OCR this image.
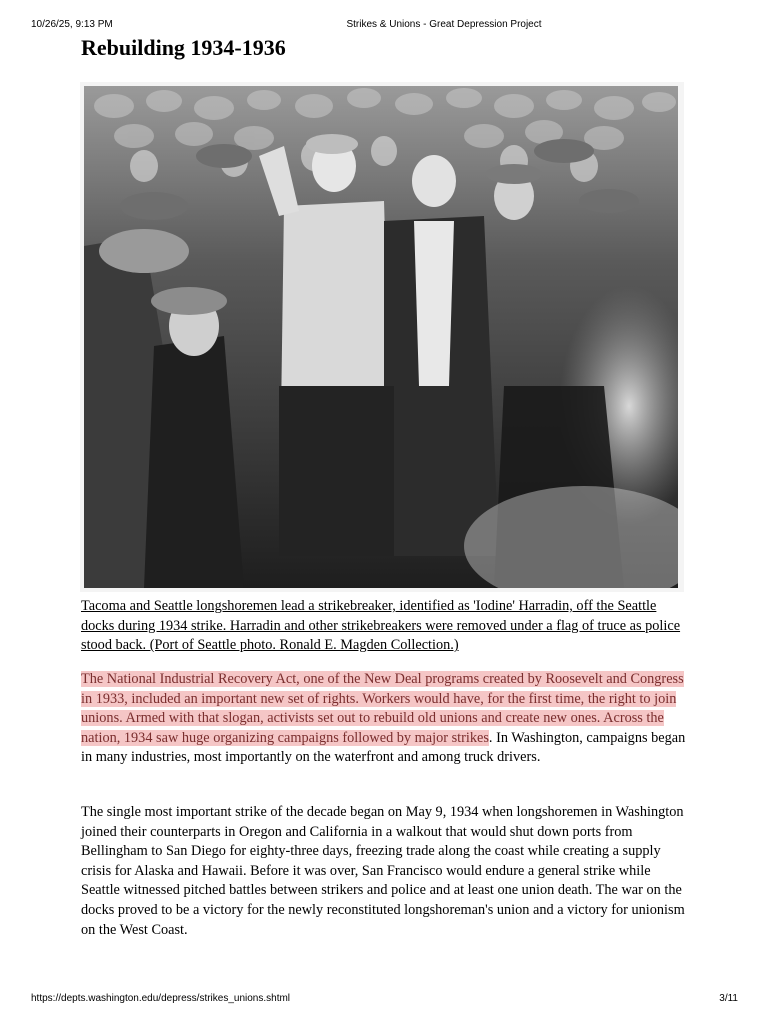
10/26/25, 9:13 PM	Strikes & Unions - Great Depression Project
Rebuilding 1934-1936
Tacoma and Seattle longshoremen lead a strikebreaker, identified as 'Iodine' Harradin, off the Seattle docks during 1934 strike. Harradin and other strikebreakers were removed under a flag of truce as police stood back. (Port of Seattle photo. Ronald E. Magden Collection.)

The National Industrial Recovery Act, one of the New Deal programs created by Roosevelt and Congress in 1933, included an important new set of rights. Workers would have, for the first time, the right to join unions. Armed with that slogan, activists set out to rebuild old unions and create new ones. Across the nation, 1934 saw huge organizing campaigns followed by major strikes. In Washington, campaigns began in many industries, most importantly on the waterfront and among truck drivers.

The single most important strike of the decade began on May 9, 1934 when longshoremen in Washington joined their counterparts in Oregon and California in a walkout that would shut down ports from Bellingham to San Diego for eighty-three days, freezing trade along the coast while creating a supply crisis for Alaska and Hawaii. Before it was over, San Francisco would endure a general strike while Seattle witnessed pitched battles between strikers and police and at least one union death. The war on the docks proved to be a victory for the newly reconstituted longshoreman's union and a victory for unionism on the West Coast.

https://depts.washington.edu/depress/strikes_unions.shtml	3/11
